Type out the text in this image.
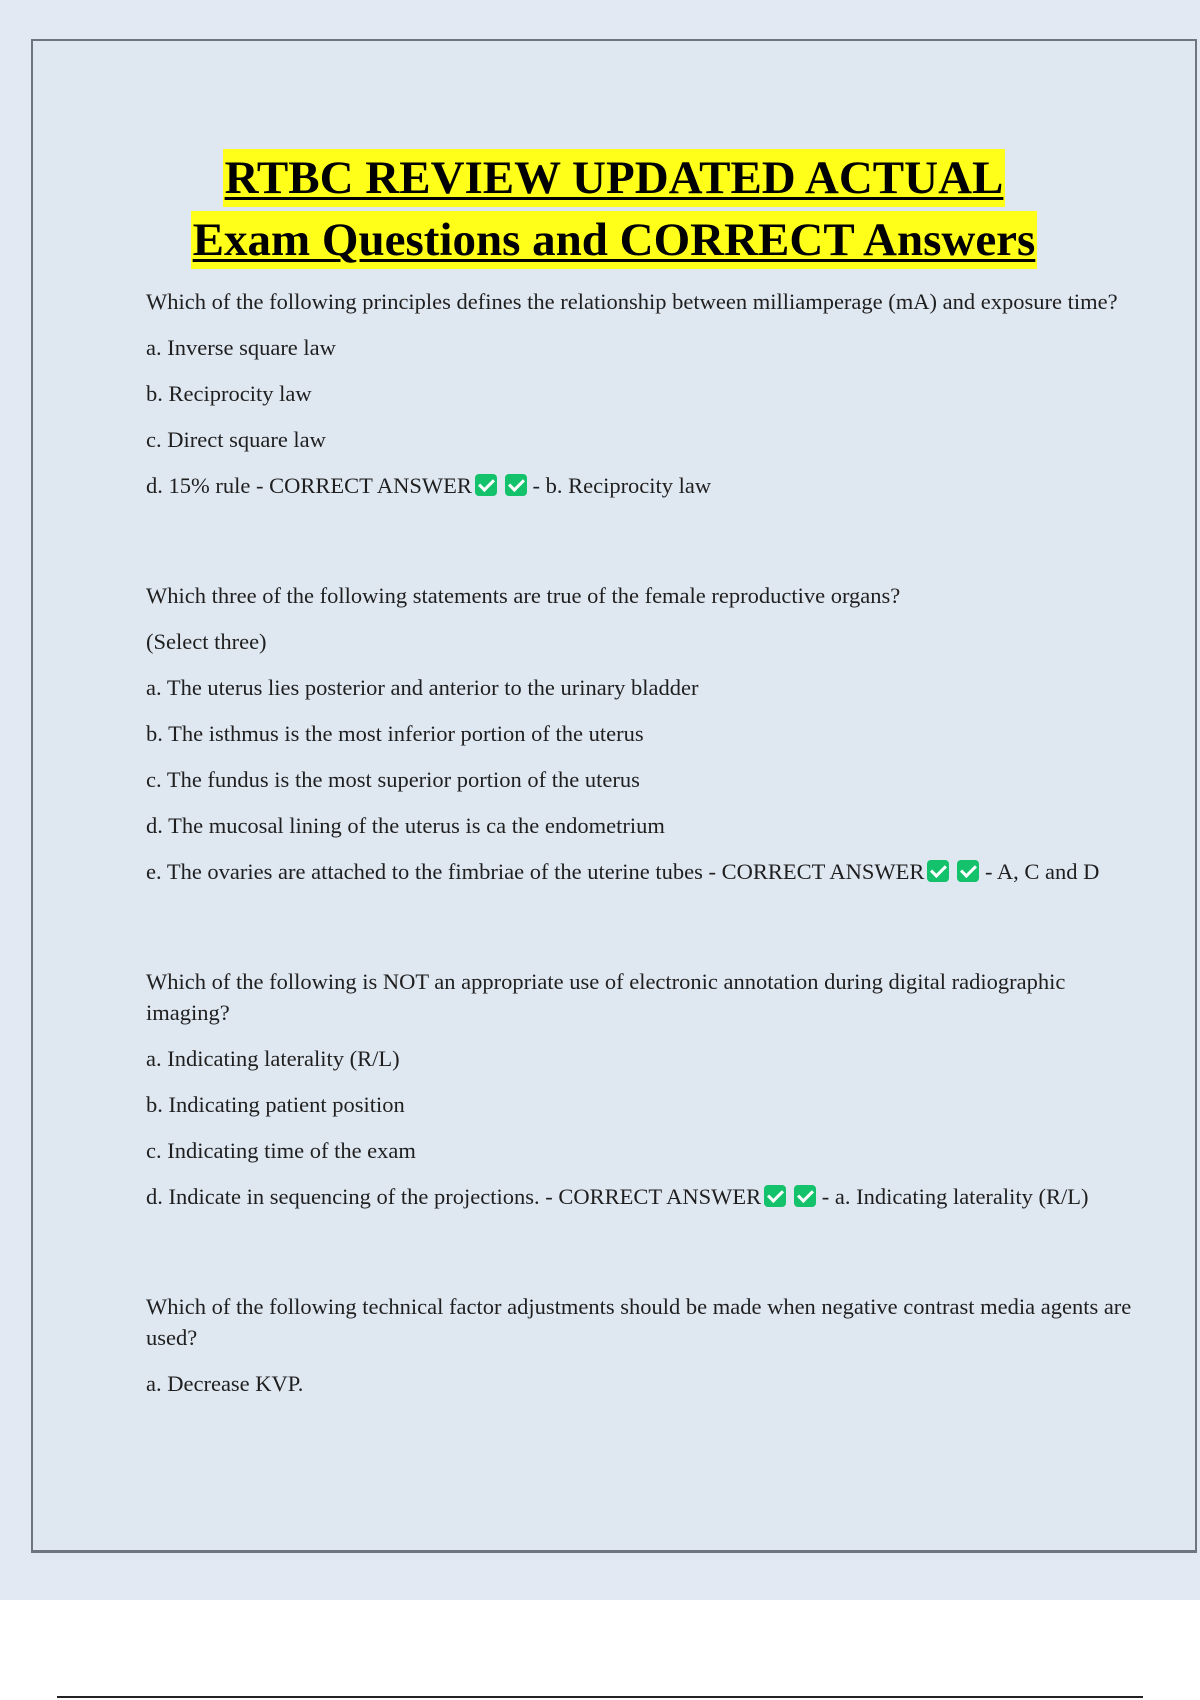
RTBC REVIEW UPDATED ACTUAL
Exam Questions and CORRECT Answers

Which of the following principles defines the relationship between milliamperage (mA) and exposure time?

a. Inverse square law

b. Reciprocity law

c. Direct square law

d. 15% rule - CORRECT ANSWER	- b. Reciprocity law

Which three of the following statements are true of the female reproductive organs?

(Select three)

a. The uterus lies posterior and anterior to the urinary bladder

b. The isthmus is the most inferior portion of the uterus

c. The fundus is the most superior portion of the uterus

d. The mucosal lining of the uterus is ca the endometrium

e. The ovaries are attached to the fimbriae of the uterine tubes - CORRECT ANSWER	- A, C and D

Which of the following is NOT an appropriate use of electronic annotation during digital radiographic imaging?

a. Indicating laterality (R/L)

b. Indicating patient position

c. Indicating time of the exam

d. Indicate in sequencing of the projections. - CORRECT ANSWER	- a. Indicating laterality (R/L)

Which of the following technical factor adjustments should be made when negative contrast media agents are used?

a. Decrease KVP.
